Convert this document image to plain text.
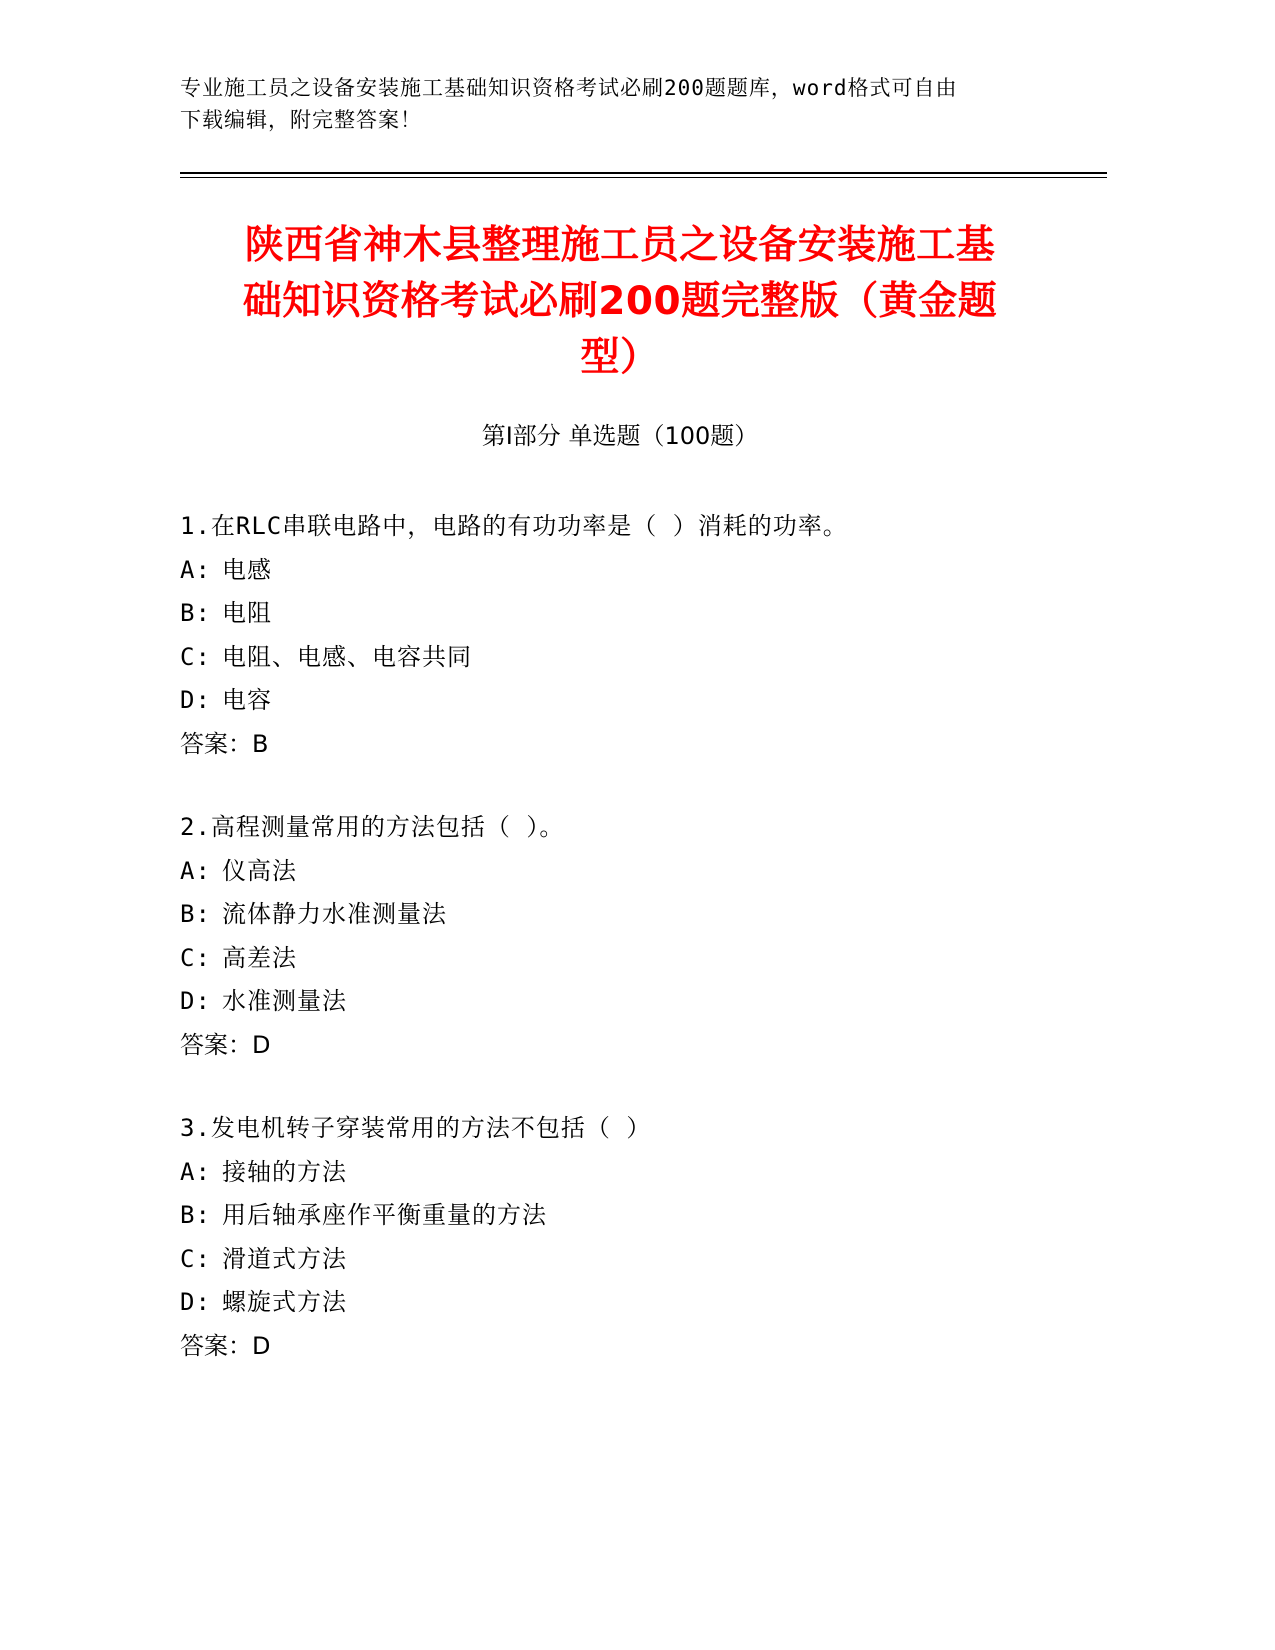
专业施工员之设备安装施工基础知识资格考试必刷200题题库，word格式可自由
下载编辑，附完整答案！
陕西省神木县整理施工员之设备安装施工基
础知识资格考试必刷200题完整版（黄金题
型）
第I部分 单选题（100题）
1.在RLC串联电路中，电路的有功功率是（ ）消耗的功率。
A: 电感
B: 电阻
C: 电阻、电感、电容共同
D: 电容
答案：B
2.高程测量常用的方法包括（ ）。
A: 仪高法
B: 流体静力水准测量法
C: 高差法
D: 水准测量法
答案：D
3.发电机转子穿装常用的方法不包括（ ）
A: 接轴的方法
B: 用后轴承座作平衡重量的方法
C: 滑道式方法
D: 螺旋式方法
答案：D
